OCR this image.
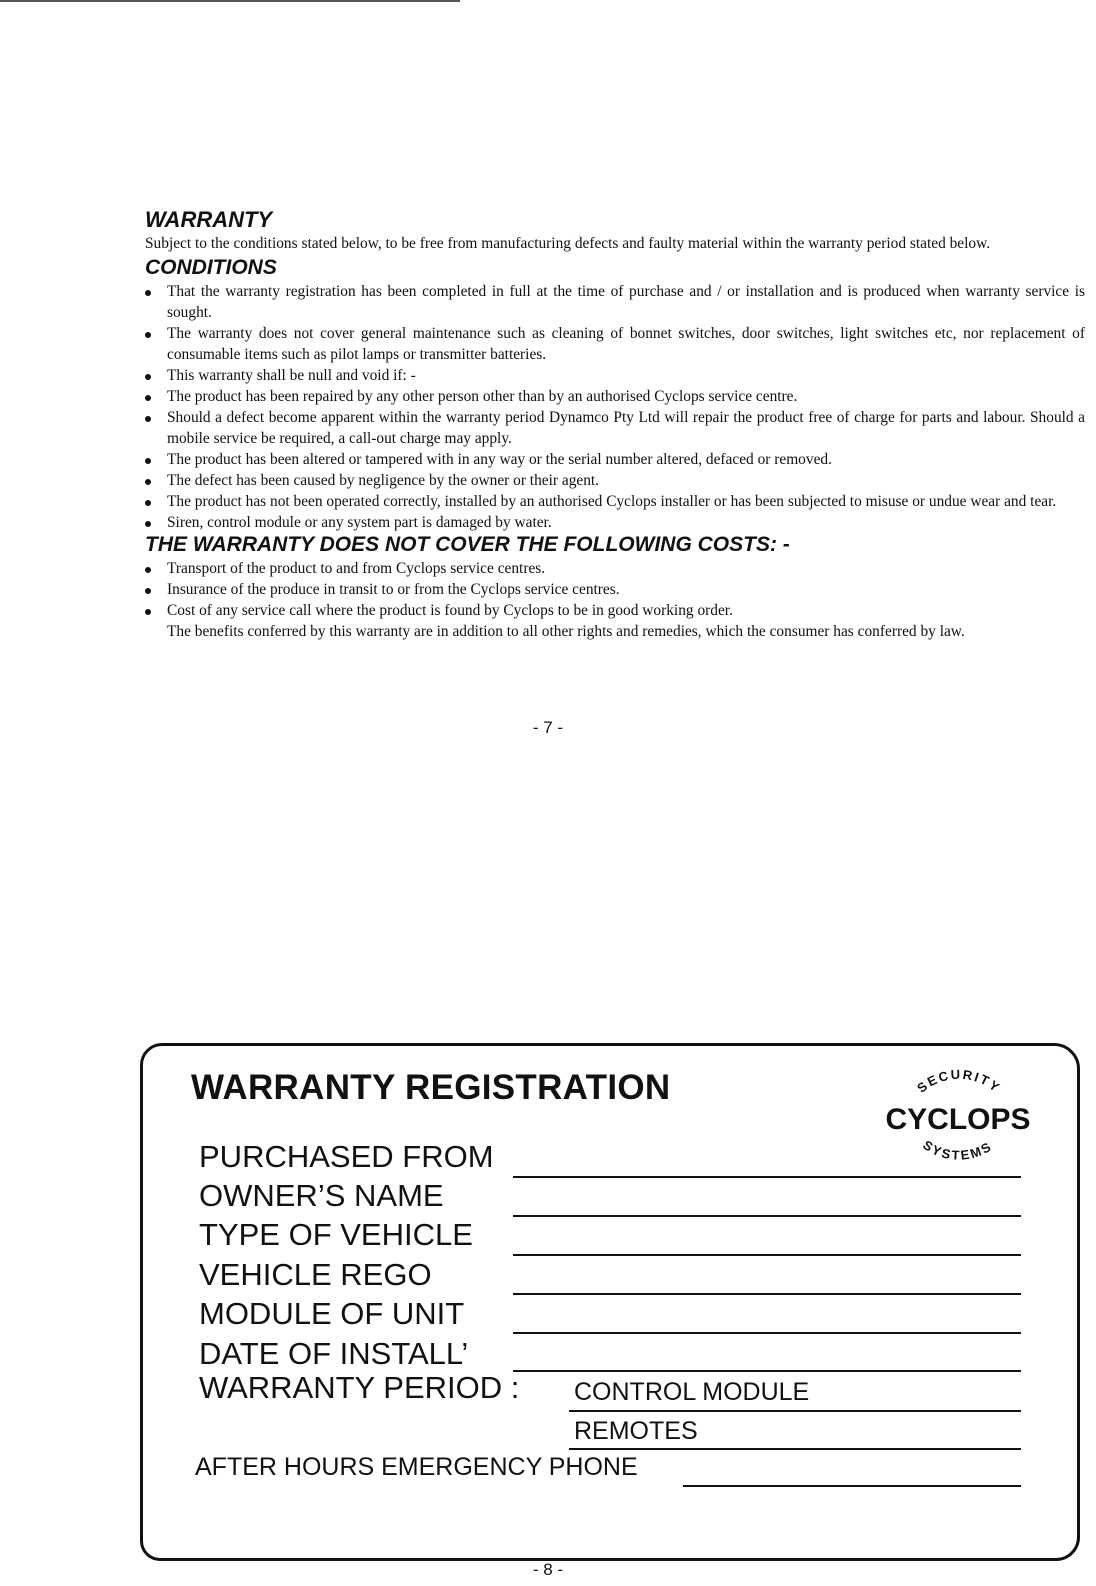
WARRANTY

Subject to the conditions stated below, to be free from manufacturing defects and faulty material within the warranty period stated below.

CONDITIONS
That the warranty registration has been completed in full at the time of purchase and / or installation and is produced when warranty service is sought.
The warranty does not cover general maintenance such as cleaning of bonnet switches, door switches, light switches etc, nor replacement of consumable items such as pilot lamps or transmitter batteries.
This warranty shall be null and void if: -
The product has been repaired by any other person other than by an authorised Cyclops service centre.
Should a defect become apparent within the warranty period Dynamco Pty Ltd will repair the product free of charge for parts and labour. Should a mobile service be required, a call-out charge may apply.
The product has been altered or tampered with in any way or the serial number altered, defaced or removed.
The defect has been caused by negligence by the owner or their agent.
The product has not been operated correctly, installed by an authorised Cyclops installer or has been subjected to misuse or undue wear and tear.
Siren, control module or any system part is damaged by water.
THE WARRANTY DOES NOT COVER THE FOLLOWING COSTS: -
Transport of the product to and from Cyclops service centres.
Insurance of the produce in transit to or from the Cyclops service centres.
Cost of any service call where the product is found by Cyclops to be in good working order.
The benefits conferred by this warranty are in addition to all other rights and remedies, which the consumer has conferred by law.
- 7 -
WARRANTY REGISTRATION	SECURITY
CYCLOPS
SYSTEMS
PURCHASED FROM
OWNER’S NAME
TYPE OF VEHICLE
VEHICLE REGO
MODULE OF UNIT
DATE OF INSTALL’
WARRANTY PERIOD : CONTROL MODULE
REMOTES
AFTER HOURS EMERGENCY PHONE
- 8 -
